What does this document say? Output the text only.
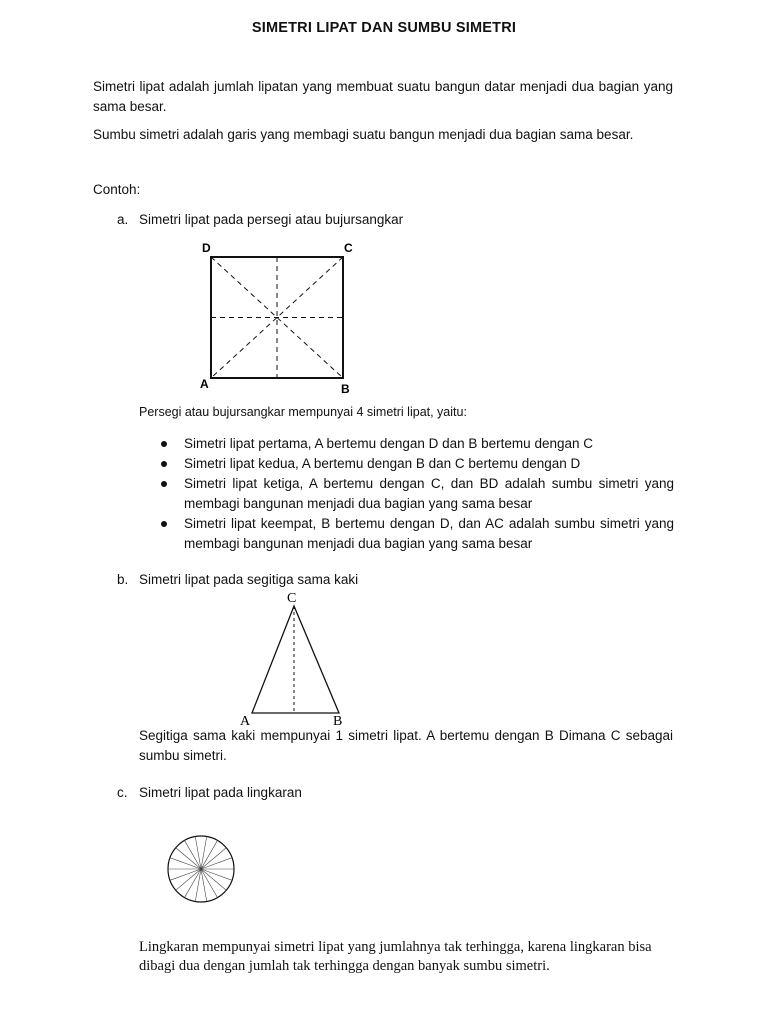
SIMETRI LIPAT DAN SUMBU SIMETRI
Simetri lipat adalah jumlah lipatan yang membuat suatu bangun datar menjadi dua bagian yang sama besar.
Sumbu simetri adalah garis yang membagi suatu bangun menjadi dua bagian sama besar.
Contoh:
a. Simetri lipat pada persegi atau bujursangkar
D	C
A	B
Persegi atau bujursangkar mempunyai 4 simetri lipat, yaitu:
Simetri lipat pertama, A bertemu dengan D dan B bertemu dengan C
Simetri lipat kedua, A bertemu dengan B dan C bertemu dengan D
Simetri lipat ketiga, A bertemu dengan C, dan BD adalah sumbu simetri yang membagi bangunan menjadi dua bagian yang sama besar
Simetri lipat keempat, B bertemu dengan D, dan AC adalah sumbu simetri yang membagi bangunan menjadi dua bagian yang sama besar
b. Simetri lipat pada segitiga sama kaki
C
A	B
Segitiga sama kaki mempunyai 1 simetri lipat. A bertemu dengan B Dimana C sebagai sumbu simetri.
c. Simetri lipat pada lingkaran
Lingkaran mempunyai simetri lipat yang jumlahnya tak terhingga, karena lingkaran bisa dibagi dua dengan jumlah tak terhingga dengan banyak sumbu simetri.
